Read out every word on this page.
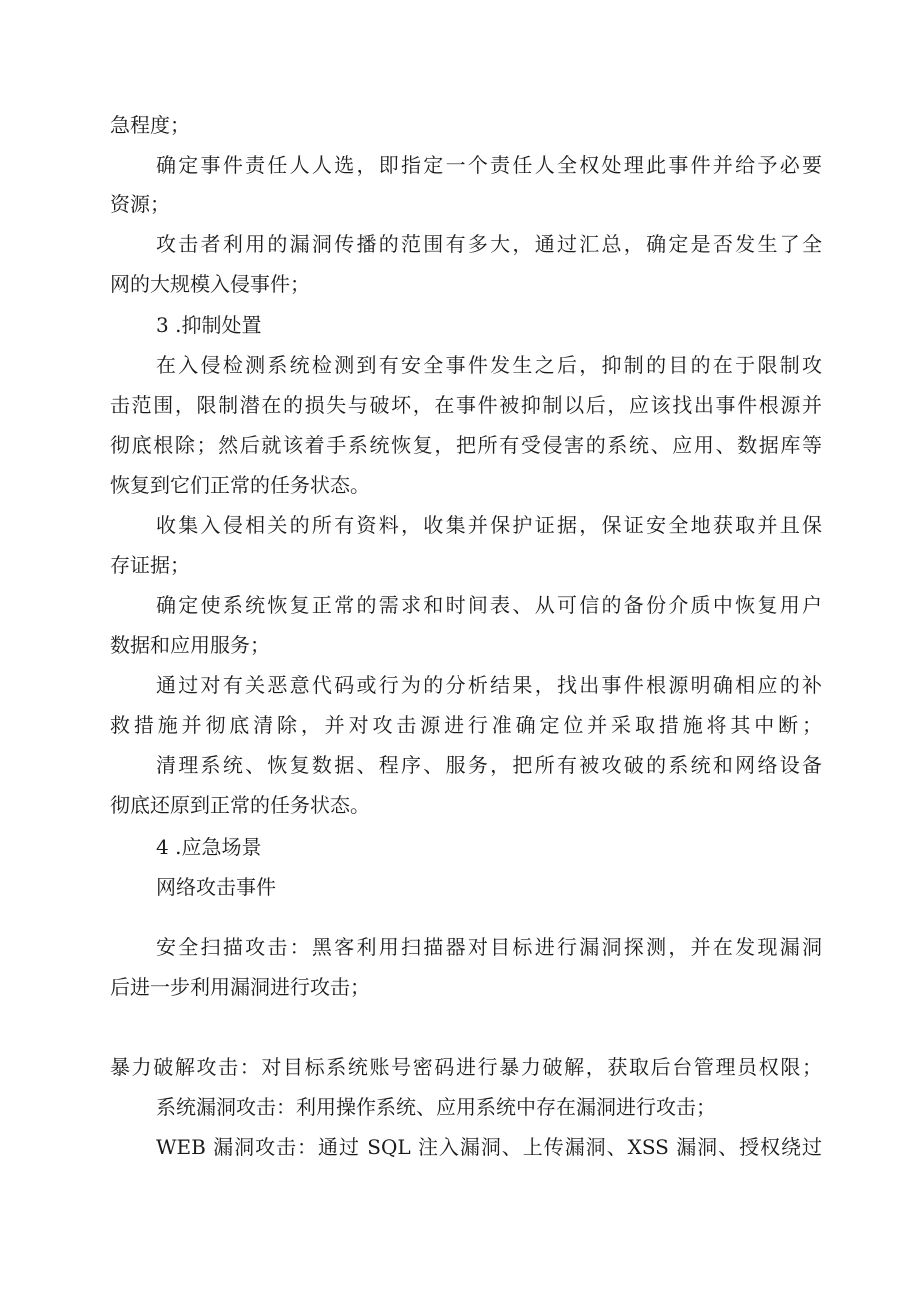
急程度；
确定事件责任人人选，即指定一个责任人全权处理此事件并给予必要
资源；
攻击者利用的漏洞传播的范围有多大，通过汇总，确定是否发生了全
网的大规模入侵事件；
3 .抑制处置
在入侵检测系统检测到有安全事件发生之后，抑制的目的在于限制攻
击范围，限制潜在的损失与破坏，在事件被抑制以后，应该找出事件根源并
彻底根除；然后就该着手系统恢复，把所有受侵害的系统、应用、数据库等
恢复到它们正常的任务状态。
收集入侵相关的所有资料，收集并保护证据，保证安全地获取并且保
存证据；
确定使系统恢复正常的需求和时间表、从可信的备份介质中恢复用户
数据和应用服务；
通过对有关恶意代码或行为的分析结果，找出事件根源明确相应的补
救措施并彻底清除，并对攻击源进行准确定位并采取措施将其中断；
清理系统、恢复数据、程序、服务，把所有被攻破的系统和网络设备
彻底还原到正常的任务状态。
4 .应急场景
网络攻击事件
安全扫描攻击：黑客利用扫描器对目标进行漏洞探测，并在发现漏洞
后进一步利用漏洞进行攻击；
暴力破解攻击：对目标系统账号密码进行暴力破解，获取后台管理员权限；
系统漏洞攻击：利用操作系统、应用系统中存在漏洞进行攻击；
WEB 漏洞攻击：通过 SQL 注入漏洞、上传漏洞、XSS 漏洞、授权绕过
